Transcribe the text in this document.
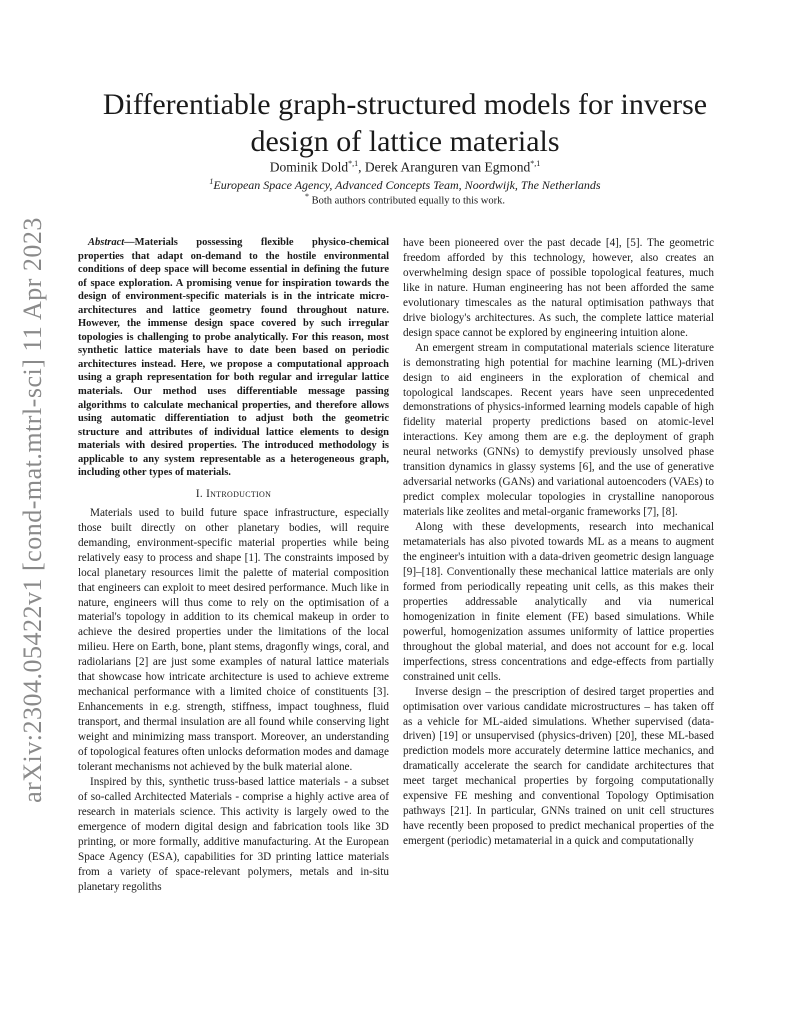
arXiv:2304.05422v1 [cond-mat.mtrl-sci] 11 Apr 2023
Differentiable graph-structured models for inverse design of lattice materials
Dominik Dold$^{*,1}$, Derek Aranguren van Egmond$^{*,1}$
$^1$European Space Agency, Advanced Concepts Team, Noordwijk, The Netherlands
* Both authors contributed equally to this work.

Abstract—Materials possessing flexible physico-chemical properties that adapt on-demand to the hostile environmental conditions of deep space will become essential in defining the future of space exploration. A promising venue for inspiration towards the design of environment-specific materials is in the intricate micro-architectures and lattice geometry found throughout nature. However, the immense design space covered by such irregular topologies is challenging to probe analytically. For this reason, most synthetic lattice materials have to date been based on periodic architectures instead. Here, we propose a computational approach using a graph representation for both regular and irregular lattice materials. Our method uses differentiable message passing algorithms to calculate mechanical properties, and therefore allows using automatic differentiation to adjust both the geometric structure and attributes of individual lattice elements to design materials with desired properties. The introduced methodology is applicable to any system representable as a heterogeneous graph, including other types of materials.

I. Introduction

Materials used to build future space infrastructure, especially those built directly on other planetary bodies, will require demanding, environment-specific material properties while being relatively easy to process and shape [1]. The constraints imposed by local planetary resources limit the palette of material composition that engineers can exploit to meet desired performance. Much like in nature, engineers will thus come to rely on the optimisation of a material's topology in addition to its chemical makeup in order to achieve the desired properties under the limitations of the local milieu. Here on Earth, bone, plant stems, dragonfly wings, coral, and radiolarians [2] are just some examples of natural lattice materials that showcase how intricate architecture is used to achieve extreme mechanical performance with a limited choice of constituents [3]. Enhancements in e.g. strength, stiffness, impact toughness, fluid transport, and thermal insulation are all found while conserving light weight and minimizing mass transport. Moreover, an understanding of topological features often unlocks deformation modes and damage tolerant mechanisms not achieved by the bulk material alone.

Inspired by this, synthetic truss-based lattice materials - a subset of so-called Architected Materials - comprise a highly active area of research in materials science. This activity is largely owed to the emergence of modern digital design and fabrication tools like 3D printing, or more formally, additive manufacturing. At the European Space Agency (ESA), capabilities for 3D printing lattice materials from a variety of space-relevant polymers, metals and in-situ planetary regoliths

have been pioneered over the past decade [4], [5]. The geometric freedom afforded by this technology, however, also creates an overwhelming design space of possible topological features, much like in nature. Human engineering has not been afforded the same evolutionary timescales as the natural optimisation pathways that drive biology's architectures. As such, the complete lattice material design space cannot be explored by engineering intuition alone.

An emergent stream in computational materials science literature is demonstrating high potential for machine learning (ML)-driven design to aid engineers in the exploration of chemical and topological landscapes. Recent years have seen unprecedented demonstrations of physics-informed learning models capable of high fidelity material property predictions based on atomic-level interactions. Key among them are e.g. the deployment of graph neural networks (GNNs) to demystify previously unsolved phase transition dynamics in glassy systems [6], and the use of generative adversarial networks (GANs) and variational autoencoders (VAEs) to predict complex molecular topologies in crystalline nanoporous materials like zeolites and metal-organic frameworks [7], [8].

Along with these developments, research into mechanical metamaterials has also pivoted towards ML as a means to augment the engineer's intuition with a data-driven geometric design language [9]–[18]. Conventionally these mechanical lattice materials are only formed from periodically repeating unit cells, as this makes their properties addressable analytically and via numerical homogenization in finite element (FE) based simulations. While powerful, homogenization assumes uniformity of lattice properties throughout the global material, and does not account for e.g. local imperfections, stress concentrations and edge-effects from partially constrained unit cells.

Inverse design – the prescription of desired target properties and optimisation over various candidate microstructures – has taken off as a vehicle for ML-aided simulations. Whether supervised (data-driven) [19] or unsupervised (physics-driven) [20], these ML-based prediction models more accurately determine lattice mechanics, and dramatically accelerate the search for candidate architectures that meet target mechanical properties by forgoing computationally expensive FE meshing and conventional Topology Optimisation pathways [21]. In particular, GNNs trained on unit cell structures have recently been proposed to predict mechanical properties of the emergent (periodic) metamaterial in a quick and computationally
